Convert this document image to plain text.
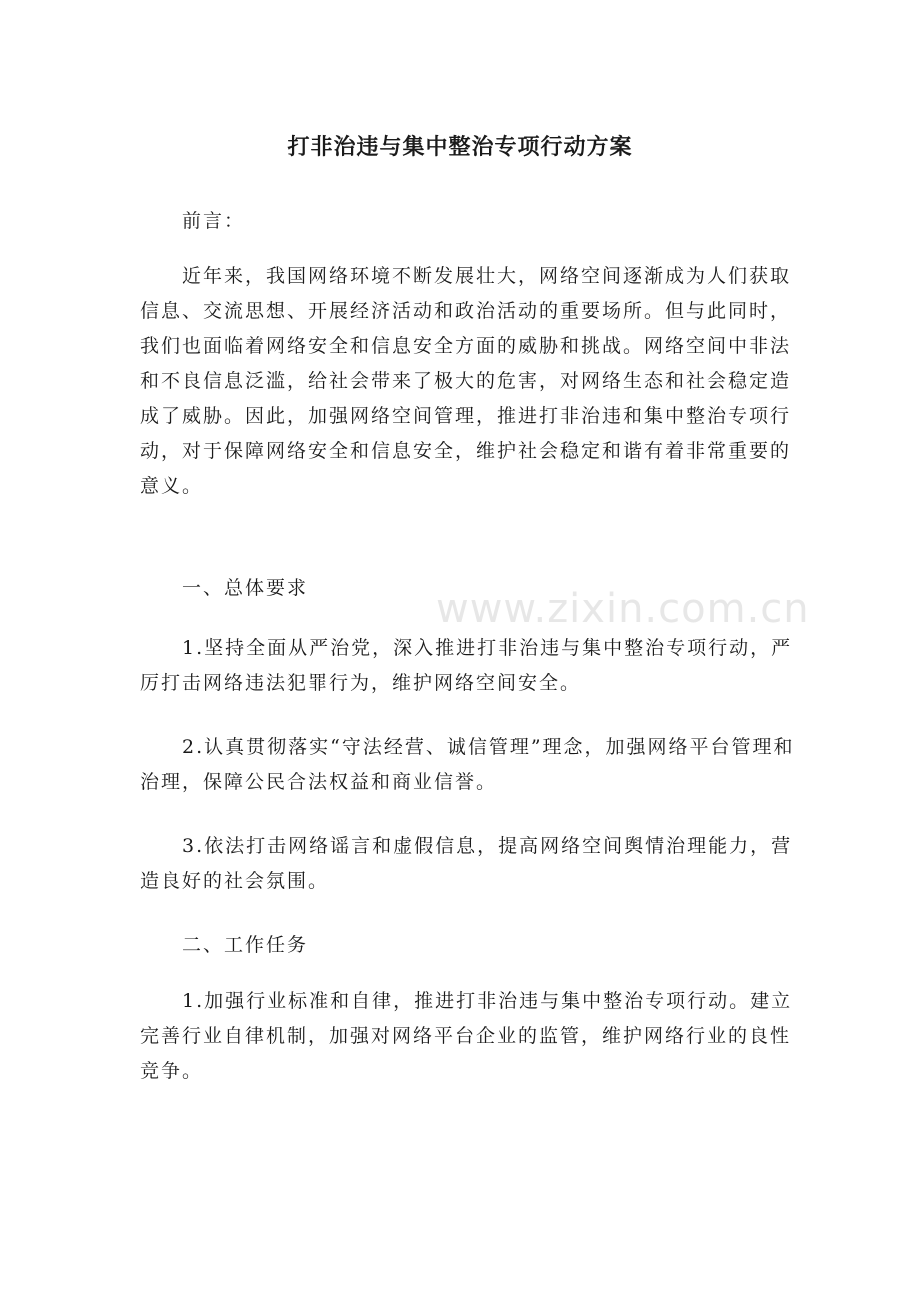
www.zixin.com.cn
打非治违与集中整治专项行动方案

前言：

近年来，我国网络环境不断发展壮大，网络空间逐渐成为人们获取信息、交流思想、开展经济活动和政治活动的重要场所。但与此同时，我们也面临着网络安全和信息安全方面的威胁和挑战。网络空间中非法和不良信息泛滥，给社会带来了极大的危害，对网络生态和社会稳定造成了威胁。因此，加强网络空间管理，推进打非治违和集中整治专项行动，对于保障网络安全和信息安全，维护社会稳定和谐有着非常重要的意义。

一、总体要求

1.坚持全面从严治党，深入推进打非治违与集中整治专项行动，严厉打击网络违法犯罪行为，维护网络空间安全。

2.认真贯彻落实“守法经营、诚信管理”理念，加强网络平台管理和治理，保障公民合法权益和商业信誉。

3.依法打击网络谣言和虚假信息，提高网络空间舆情治理能力，营造良好的社会氛围。

二、工作任务

1.加强行业标准和自律，推进打非治违与集中整治专项行动。建立完善行业自律机制，加强对网络平台企业的监管，维护网络行业的良性竞争。
